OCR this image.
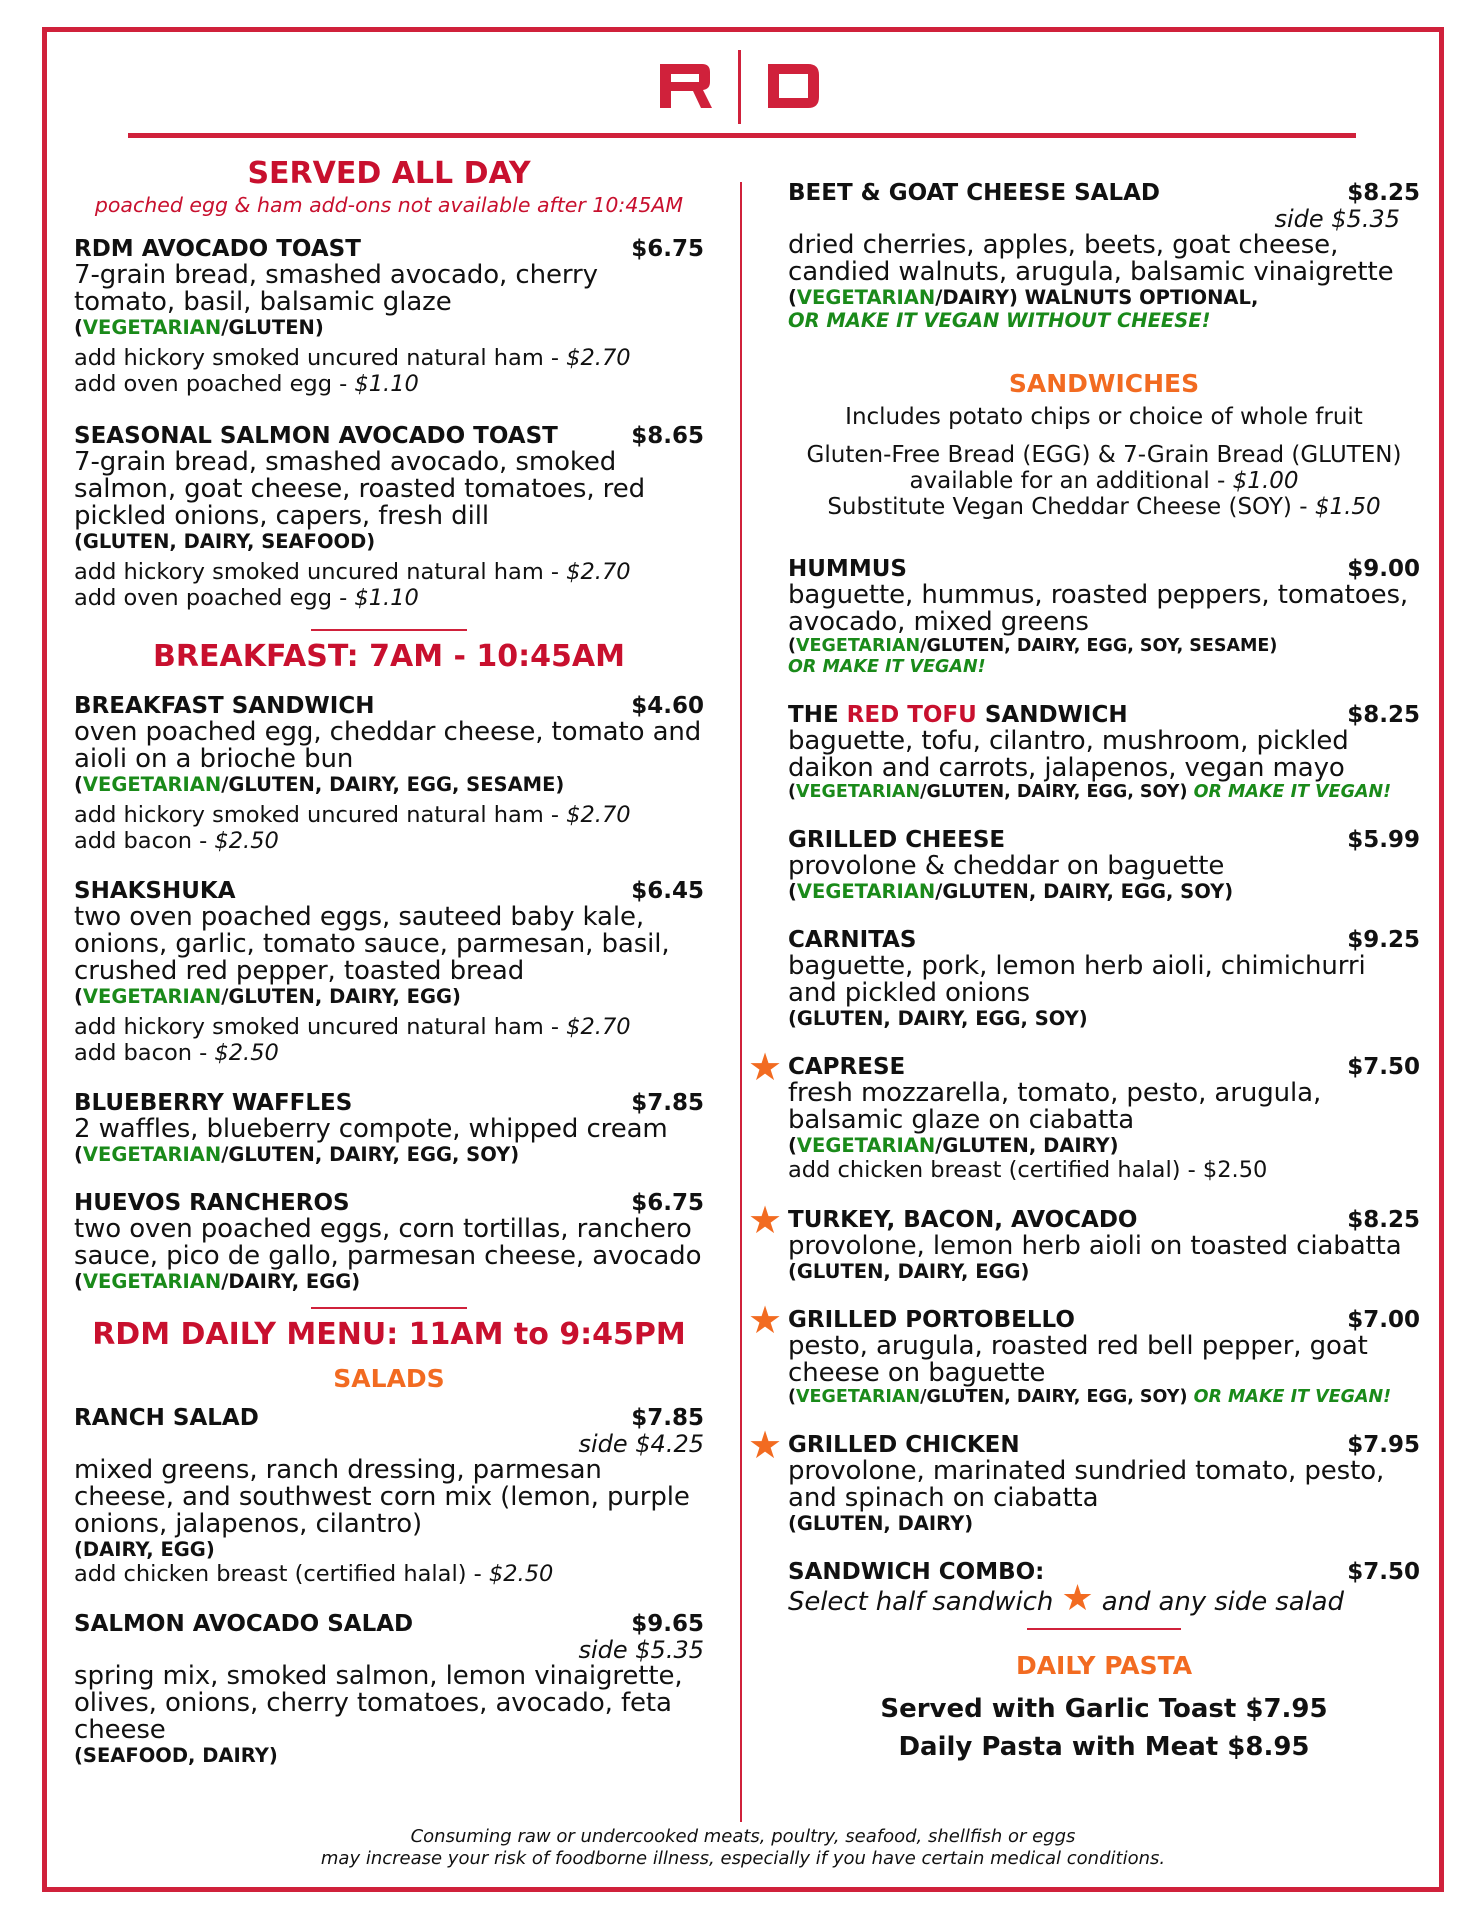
SERVED ALL DAY
poached egg & ham add-ons not available after 10:45AM
RDM AVOCADO TOAST	$6.75
7-grain bread, smashed avocado, cherry tomato, basil, balsamic glaze
(VEGETARIAN/GLUTEN)
add hickory smoked uncured natural ham - $2.70
add oven poached egg - $1.10
SEASONAL SALMON AVOCADO TOAST	$8.65
7-grain bread, smashed avocado, smoked salmon, goat cheese, roasted tomatoes, red pickled onions, capers, fresh dill
(GLUTEN, DAIRY, SEAFOOD)
add hickory smoked uncured natural ham - $2.70
add oven poached egg - $1.10
BREAKFAST: 7AM - 10:45AM
BREAKFAST SANDWICH	$4.60
oven poached egg, cheddar cheese, tomato and aioli on a brioche bun
(VEGETARIAN/GLUTEN, DAIRY, EGG, SESAME)
add hickory smoked uncured natural ham - $2.70
add bacon - $2.50
SHAKSHUKA	$6.45
two oven poached eggs, sauteed baby kale, onions, garlic, tomato sauce, parmesan, basil, crushed red pepper, toasted bread
(VEGETARIAN/GLUTEN, DAIRY, EGG)
add hickory smoked uncured natural ham - $2.70
add bacon - $2.50
BLUEBERRY WAFFLES	$7.85
2 waffles, blueberry compote, whipped cream
(VEGETARIAN/GLUTEN, DAIRY, EGG, SOY)
HUEVOS RANCHEROS	$6.75
two oven poached eggs, corn tortillas, ranchero sauce, pico de gallo, parmesan cheese, avocado
(VEGETARIAN/DAIRY, EGG)
RDM DAILY MENU: 11AM to 9:45PM
SALADS
RANCH SALAD	$7.85
side $4.25
mixed greens, ranch dressing, parmesan cheese, and southwest corn mix (lemon, purple onions, jalapenos, cilantro)
(DAIRY, EGG)
add chicken breast (certified halal) - $2.50
SALMON AVOCADO SALAD	$9.65
side $5.35
spring mix, smoked salmon, lemon vinaigrette, olives, onions, cherry tomatoes, avocado, feta cheese
(SEAFOOD, DAIRY)
BEET & GOAT CHEESE SALAD	$8.25
side $5.35
dried cherries, apples, beets, goat cheese, candied walnuts, arugula, balsamic vinaigrette
(VEGETARIAN/DAIRY) WALNUTS OPTIONAL,
OR MAKE IT VEGAN WITHOUT CHEESE!
SANDWICHES
Includes potato chips or choice of whole fruit
Gluten-Free Bread (EGG) & 7-Grain Bread (GLUTEN)
available for an additional - $1.00
Substitute Vegan Cheddar Cheese (SOY) - $1.50
HUMMUS	$9.00
baguette, hummus, roasted peppers, tomatoes, avocado, mixed greens
(VEGETARIAN/GLUTEN, DAIRY, EGG, SOY, SESAME)
OR MAKE IT VEGAN!
THE RED TOFU SANDWICH	$8.25
baguette, tofu, cilantro, mushroom, pickled daikon and carrots, jalapenos, vegan mayo
(VEGETARIAN/GLUTEN, DAIRY, EGG, SOY) OR MAKE IT VEGAN!
GRILLED CHEESE	$5.99
provolone & cheddar on baguette
(VEGETARIAN/GLUTEN, DAIRY, EGG, SOY)
CARNITAS	$9.25
baguette, pork, lemon herb aioli, chimichurri and pickled onions
(GLUTEN, DAIRY, EGG, SOY)
★ CAPRESE	$7.50
fresh mozzarella, tomato, pesto, arugula, balsamic glaze on ciabatta
(VEGETARIAN/GLUTEN, DAIRY)
add chicken breast (certified halal) - $2.50
★ TURKEY, BACON, AVOCADO	$8.25
provolone, lemon herb aioli on toasted ciabatta
(GLUTEN, DAIRY, EGG)
★ GRILLED PORTOBELLO	$7.00
pesto, arugula, roasted red bell pepper, goat cheese on baguette
(VEGETARIAN/GLUTEN, DAIRY, EGG, SOY) OR MAKE IT VEGAN!
★ GRILLED CHICKEN	$7.95
provolone, marinated sundried tomato, pesto, and spinach on ciabatta
(GLUTEN, DAIRY)
SANDWICH COMBO:	$7.50
Select half sandwich ★ and any side salad
DAILY PASTA
Served with Garlic Toast $7.95
Daily Pasta with Meat $8.95
Consuming raw or undercooked meats, poultry, seafood, shellfish or eggs
may increase your risk of foodborne illness, especially if you have certain medical conditions.
